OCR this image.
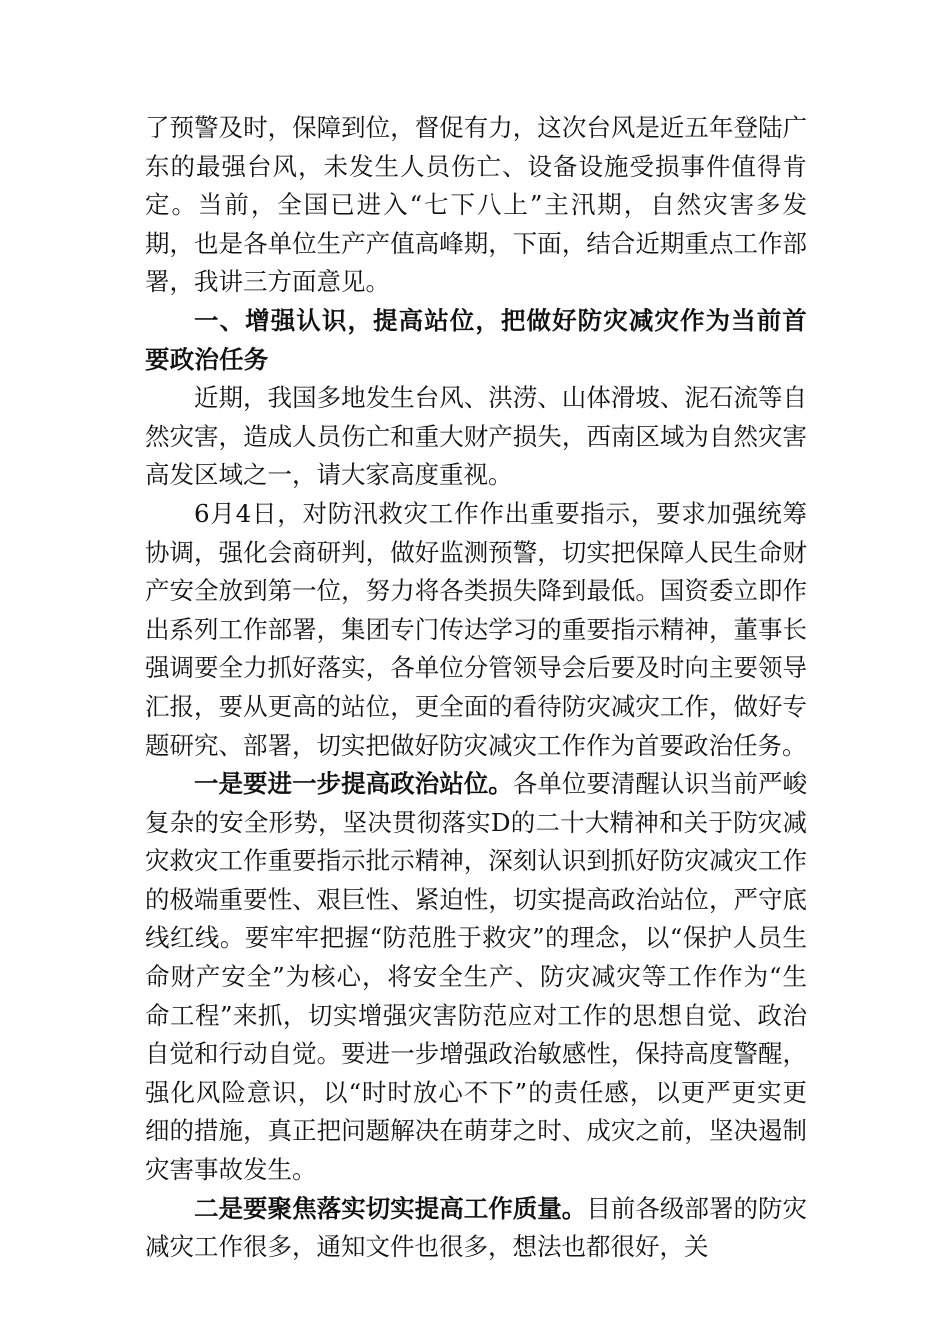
了预警及时，保障到位，督促有力，这次台风是近五年登陆广东的最强台风，未发生人员伤亡、设备设施受损事件值得肯定。当前，全国已进入“七下八上”主汛期，自然灾害多发期，也是各单位生产产值高峰期，下面，结合近期重点工作部署，我讲三方面意见。

一、增强认识，提高站位，把做好防灾减灾作为当前首要政治任务

近期，我国多地发生台风、洪涝、山体滑坡、泥石流等自然灾害，造成人员伤亡和重大财产损失，西南区域为自然灾害高发区域之一，请大家高度重视。

6月4日，对防汛救灾工作作出重要指示，要求加强统筹协调，强化会商研判，做好监测预警，切实把保障人民生命财产安全放到第一位，努力将各类损失降到最低。国资委立即作出系列工作部署，集团专门传达学习的重要指示精神，董事长强调要全力抓好落实，各单位分管领导会后要及时向主要领导汇报，要从更高的站位，更全面的看待防灾减灾工作，做好专题研究、部署，切实把做好防灾减灾工作作为首要政治任务。

一是要进一步提高政治站位。各单位要清醒认识当前严峻复杂的安全形势，坚决贯彻落实D的二十大精神和关于防灾减灾救灾工作重要指示批示精神，深刻认识到抓好防灾减灾工作的极端重要性、艰巨性、紧迫性，切实提高政治站位，严守底线红线。要牢牢把握“防范胜于救灾”的理念，以“保护人员生命财产安全”为核心，将安全生产、防灾减灾等工作作为“生命工程”来抓，切实增强灾害防范应对工作的思想自觉、政治自觉和行动自觉。要进一步增强政治敏感性，保持高度警醒，强化风险意识，以“时时放心不下”的责任感，以更严更实更细的措施，真正把问题解决在萌芽之时、成灾之前，坚决遏制灾害事故发生。

二是要聚焦落实切实提高工作质量。目前各级部署的防灾减灾工作很多，通知文件也很多，想法也都很好，关
